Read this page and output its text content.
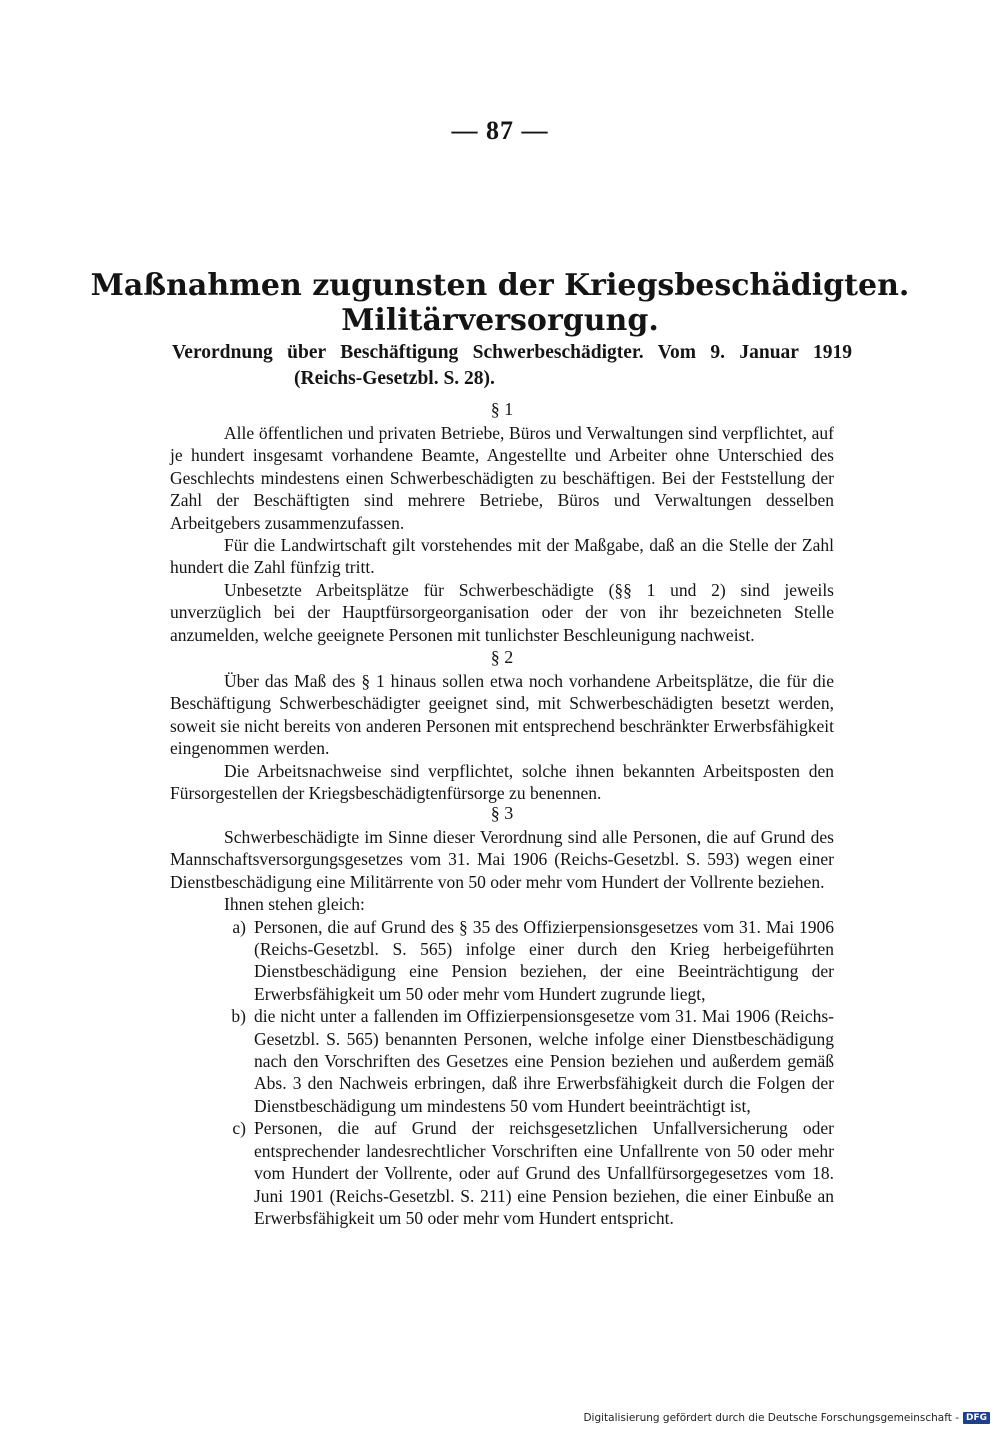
— 87 —
Maßnahmen zugunsten der Kriegsbeschädigten.
Militärversorgung.

Verordnung über Beschäftigung Schwerbeschädigter. Vom 9. Januar 1919
(Reichs-Gesetzbl. S. 28).

§ 1

Alle öffentlichen und privaten Betriebe, Büros und Verwaltungen sind verpflichtet, auf je hundert insgesamt vorhandene Beamte, Angestellte und Arbeiter ohne Unterschied des Geschlechts mindestens einen Schwerbeschädigten zu beschäftigen. Bei der Feststellung der Zahl der Beschäftigten sind mehrere Betriebe, Büros und Verwaltungen desselben Arbeitgebers zusammenzufassen.

Für die Landwirtschaft gilt vorstehendes mit der Maßgabe, daß an die Stelle der Zahl hundert die Zahl fünfzig tritt.

Unbesetzte Arbeitsplätze für Schwerbeschädigte (§§ 1 und 2) sind jeweils unverzüglich bei der Hauptfürsorgeorganisation oder der von ihr bezeichneten Stelle anzumelden, welche geeignete Personen mit tunlichster Beschleunigung nachweist.

§ 2

Über das Maß des § 1 hinaus sollen etwa noch vorhandene Arbeitsplätze, die für die Beschäftigung Schwerbeschädigter geeignet sind, mit Schwerbeschädigten besetzt werden, soweit sie nicht bereits von anderen Personen mit entsprechend beschränkter Erwerbsfähigkeit eingenommen werden.

Die Arbeitsnachweise sind verpflichtet, solche ihnen bekannten Arbeitsposten den Fürsorgestellen der Kriegsbeschädigtenfürsorge zu benennen.

§ 3

Schwerbeschädigte im Sinne dieser Verordnung sind alle Personen, die auf Grund des Mannschaftsversorgungsgesetzes vom 31. Mai 1906 (Reichs-Gesetzbl. S. 593) wegen einer Dienstbeschädigung eine Militärrente von 50 oder mehr vom Hundert der Vollrente beziehen.

Ihnen stehen gleich:

a) Personen, die auf Grund des § 35 des Offizierpensionsgesetzes vom 31. Mai 1906 (Reichs-Gesetzbl. S. 565) infolge einer durch den Krieg herbeigeführten Dienstbeschädigung eine Pension beziehen, der eine Beeinträchtigung der Erwerbsfähigkeit um 50 oder mehr vom Hundert zugrunde liegt,
b) die nicht unter a fallenden im Offizierpensionsgesetze vom 31. Mai 1906 (Reichs-Gesetzbl. S. 565) benannten Personen, welche infolge einer Dienstbeschädigung nach den Vorschriften des Gesetzes eine Pension beziehen und außerdem gemäß Abs. 3 den Nachweis erbringen, daß ihre Erwerbsfähigkeit durch die Folgen der Dienstbeschädigung um mindestens 50 vom Hundert beeinträchtigt ist,
c) Personen, die auf Grund der reichsgesetzlichen Unfallversicherung oder entsprechender landesrechtlicher Vorschriften eine Unfallrente von 50 oder mehr vom Hundert der Vollrente, oder auf Grund des Unfallfürsorgegesetzes vom 18. Juni 1901 (Reichs-Gesetzbl. S. 211) eine Pension beziehen, die einer Einbuße an Erwerbsfähigkeit um 50 oder mehr vom Hundert entspricht.
Digitalisierung gefördert durch die Deutsche Forschungsgemeinschaft - DFG
